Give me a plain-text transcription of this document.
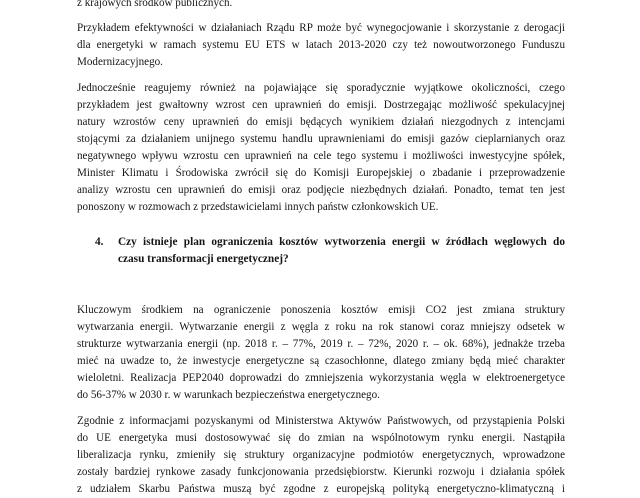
z krajowych środków publicznych.

Przykładem efektywności w działaniach Rządu RP może być wynegocjowanie i skorzystanie z derogacji

dla energetyki w ramach systemu EU ETS w latach 2013-2020 czy też nowoutworzonego Funduszu

Modernizacyjnego.

Jednocześnie reagujemy również na pojawiające się sporadycznie wyjątkowe okoliczności, czego

przykładem jest gwałtowny wzrost cen uprawnień do emisji. Dostrzegając możliwość spekulacyjnej

natury wzrostów ceny uprawnień do emisji będących wynikiem działań niezgodnych z intencjami

stojącymi za działaniem unijnego systemu handlu uprawnieniami do emisji gazów cieplarnianych oraz

negatywnego wpływu wzrostu cen uprawnień na cele tego systemu i możliwości inwestycyjne spółek,

Minister Klimatu i Środowiska zwrócił się do Komisji Europejskiej o zbadanie i przeprowadzenie

analizy wzrostu cen uprawnień do emisji oraz podjęcie niezbędnych działań. Ponadto, temat ten jest

ponoszony w rozmowach z przedstawicielami innych państw członkowskich UE.

4. Czy istnieje plan ograniczenia kosztów wytworzenia energii w źródłach węglowych do

czasu transformacji energetycznej?

Kluczowym środkiem na ograniczenie ponoszenia kosztów emisji CO2 jest zmiana struktury

wytwarzania energii. Wytwarzanie energii z węgla z roku na rok stanowi coraz mniejszy odsetek w

strukturze wytwarzania energii (np. 2018 r. – 77%, 2019 r. – 72%, 2020 r. – ok. 68%), jednakże trzeba

mieć na uwadze to, że inwestycje energetyczne są czasochłonne, dlatego zmiany będą mieć charakter

wieloletni. Realizacja PEP2040 doprowadzi do zmniejszenia wykorzystania węgla w elektroenergetyce

do 56-37% w 2030 r. w warunkach bezpieczeństwa energetycznego.

Zgodnie z informacjami pozyskanymi od Ministerstwa Aktywów Państwowych, od przystąpienia Polski

do UE energetyka musi dostosowywać się do zmian na wspólnotowym rynku energii. Nastąpiła

liberalizacja rynku, zmieniły się struktury organizacyjne podmiotów energetycznych, wprowadzone

zostały bardziej rynkowe zasady funkcjonowania przedsiębiorstw. Kierunki rozwoju i działania spółek

z udziałem Skarbu Państwa muszą być zgodne z europejską polityką energetyczno-klimatyczną i
